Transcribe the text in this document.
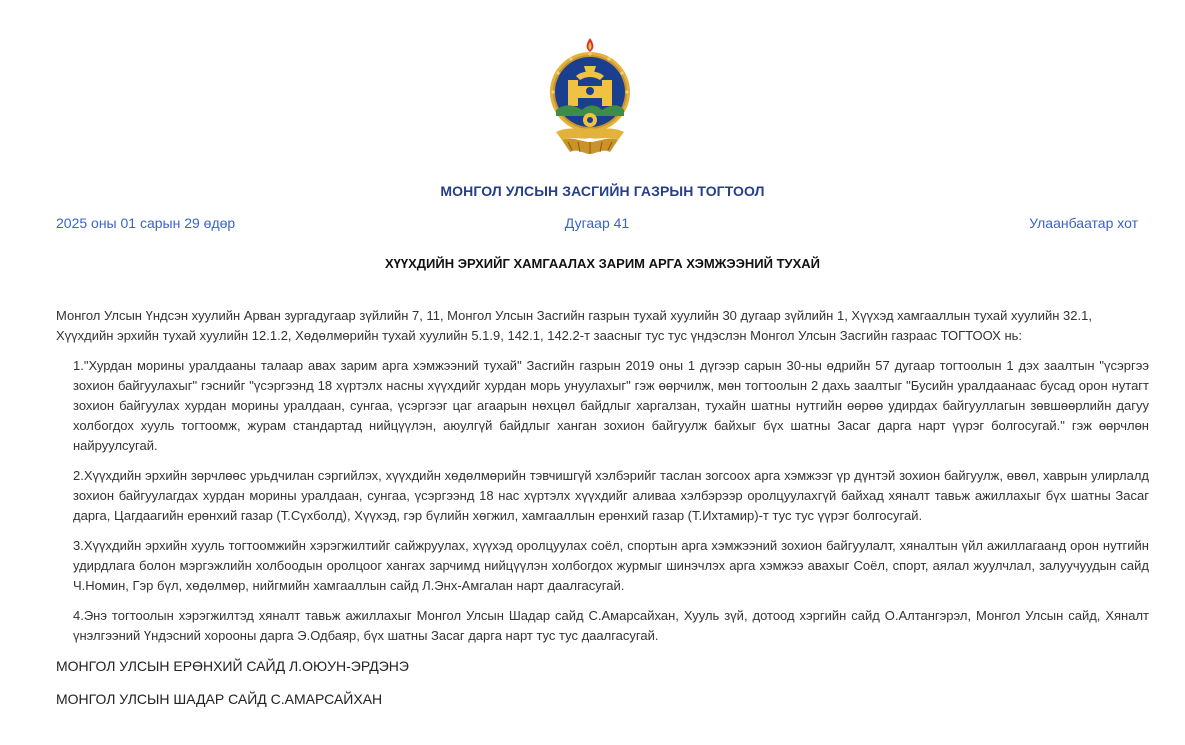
МОНГОЛ УЛСЫН ЗАСГИЙН ГАЗРЫН ТОГТООЛ
2025 оны 01 сарын 29 өдөр	Дугаар 41	Улаанбаатар хот
ХҮҮХДИЙН ЭРХИЙГ ХАМГААЛАХ ЗАРИМ АРГА ХЭМЖЭЭНИЙ ТУХАЙ
Монгол Улсын Үндсэн хуулийн Арван зургадугаар зүйлийн 7, 11, Монгол Улсын Засгийн газрын тухай хуулийн 30 дугаар зүйлийн 1, Хүүхэд хамгааллын тухай хуулийн 32.1, Хүүхдийн эрхийн тухай хуулийн 12.1.2, Хөдөлмөрийн тухай хуулийн 5.1.9, 142.1, 142.2-т заасныг тус тус үндэслэн Монгол Улсын Засгийн газраас ТОГТООХ нь:

1."Хурдан морины уралдааны талаар авах зарим арга хэмжээний тухай" Засгийн газрын 2019 оны 1 дүгээр сарын 30-ны өдрийн 57 дугаар тогтоолын 1 дэх заалтын "үсэргээ зохион байгуулахыг" гэснийг "үсэргээнд 18 хүртэлх насны хүүхдийг хурдан морь унуулахыг" гэж өөрчилж, мөн тогтоолын 2 дахь заалтыг "Бусийн уралдаанаас бусад орон нутагт зохион байгуулах хурдан морины уралдаан, сунгаа, үсэргээг цаг агаарын нөхцөл байдлыг харгалзан, тухайн шатны нутгийн өөрөө удирдах байгууллагын зөвшөөрлийн дагуу холбогдох хууль тогтоомж, журам стандартад нийцүүлэн, аюулгүй байдлыг ханган зохион байгуулж байхыг бүх шатны Засаг дарга нарт үүрэг болгосугай." гэж өөрчлөн найруулсугай.

2.Хүүхдийн эрхийн зөрчлөөс урьдчилан сэргийлэх, хүүхдийн хөдөлмөрийн тэвчишгүй хэлбэрийг таслан зогсоох арга хэмжээг үр дүнтэй зохион байгуулж, өвөл, хаврын улирлалд зохион байгуулагдах хурдан морины уралдаан, сунгаа, үсэргээнд 18 нас хүртэлх хүүхдийг аливаа хэлбэрээр оролцуулахгүй байхад хяналт тавьж ажиллахыг бүх шатны Засаг дарга, Цагдаагийн ерөнхий газар (Т.Сүхболд), Хүүхэд, гэр бүлийн хөгжил, хамгааллын ерөнхий газар (Т.Ихтамир)-т тус тус үүрэг болгосугай.

3.Хүүхдийн эрхийн хууль тогтоомжийн хэрэгжилтийг сайжруулах, хүүхэд оролцуулах соёл, спортын арга хэмжээний зохион байгуулалт, хяналтын үйл ажиллагаанд орон нутгийн удирдлага болон мэргэжлийн холбоодын оролцоог хангах зарчимд нийцүүлэн холбогдох журмыг шинэчлэх арга хэмжээ авахыг Соёл, спорт, аялал жуулчлал, залуучуудын сайд Ч.Номин, Гэр бүл, хөдөлмөр, нийгмийн хамгааллын сайд Л.Энх-Амгалан нарт даалгасугай.

4.Энэ тогтоолын хэрэгжилтэд хяналт тавьж ажиллахыг Монгол Улсын Шадар сайд С.Амарсайхан, Хууль зүй, дотоод хэргийн сайд О.Алтангэрэл, Монгол Улсын сайд, Хяналт үнэлгээний Үндэсний хорооны дарга Э.Одбаяр, бүх шатны Засаг дарга нарт тус тус даалгасугай.

МОНГОЛ УЛСЫН ЕРӨНХИЙ САЙД Л.ОЮУН-ЭРДЭНЭ
МОНГОЛ УЛСЫН ШАДАР САЙД С.АМАРСАЙХАН
